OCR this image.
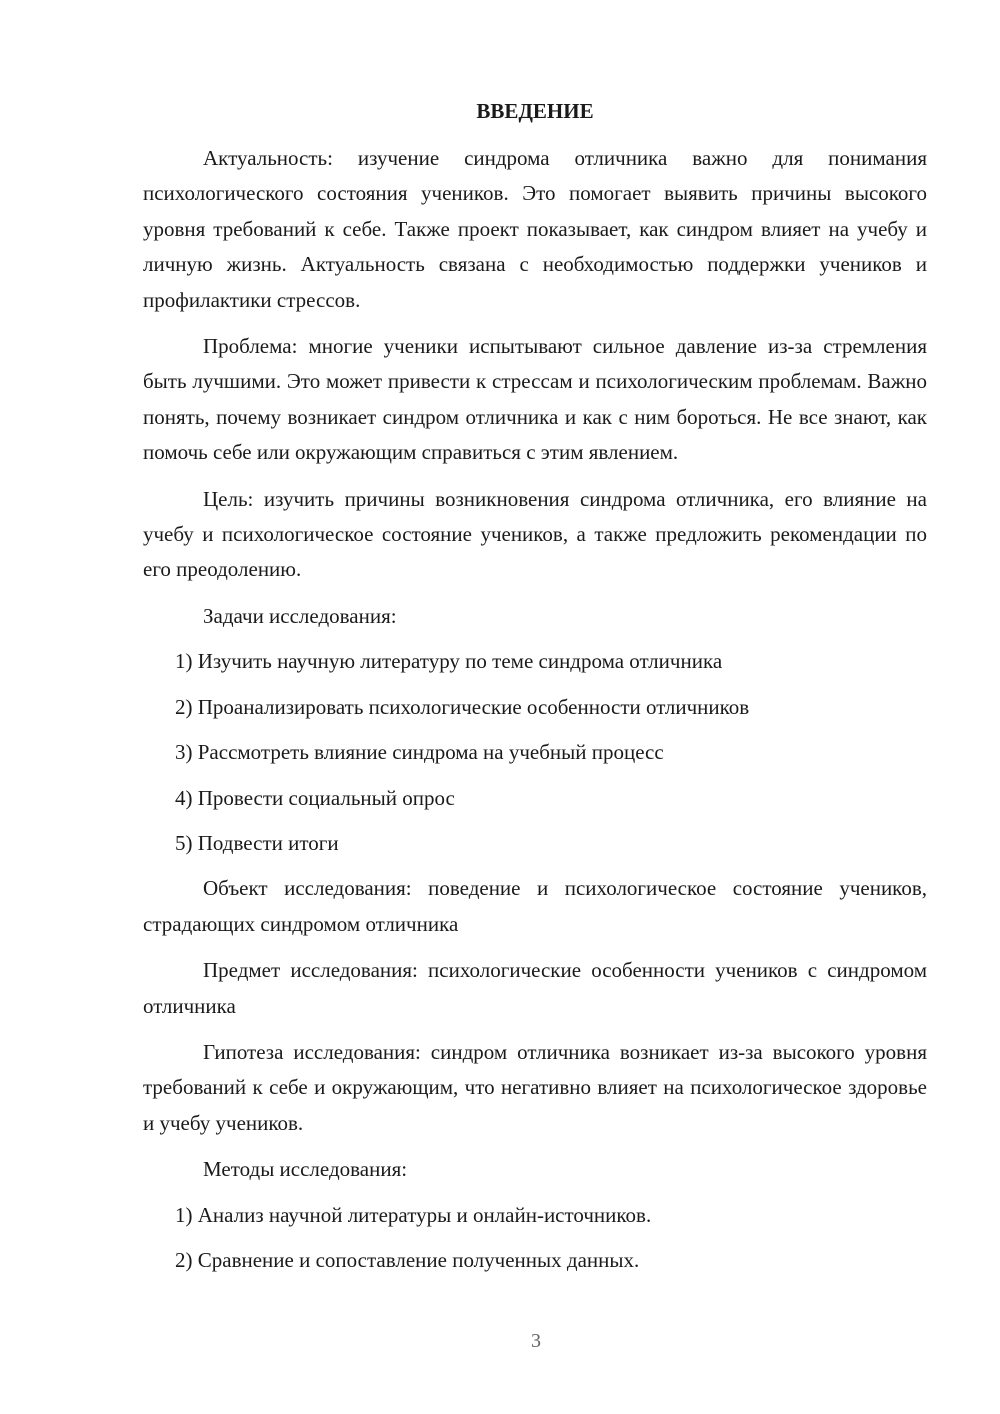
ВВЕДЕНИЕ

Актуальность: изучение синдрома отличника важно для понимания психологического состояния учеников. Это помогает выявить причины высокого уровня требований к себе. Также проект показывает, как синдром влияет на учебу и личную жизнь. Актуальность связана с необходимостью поддержки учеников и профилактики стрессов.

Проблема: многие ученики испытывают сильное давление из-за стремления быть лучшими. Это может привести к стрессам и психологическим проблемам. Важно понять, почему возникает синдром отличника и как с ним бороться. Не все знают, как помочь себе или окружающим справиться с этим явлением.

Цель: изучить причины возникновения синдрома отличника, его влияние на учебу и психологическое состояние учеников, а также предложить рекомендации по его преодолению.

Задачи исследования:

1) Изучить научную литературу по теме синдрома отличника

2) Проанализировать психологические особенности отличников

3) Рассмотреть влияние синдрома на учебный процесс

4) Провести социальный опрос

5) Подвести итоги

Объект исследования: поведение и психологическое состояние учеников, страдающих синдромом отличника

Предмет исследования: психологические особенности учеников с синдромом отличника

Гипотеза исследования: синдром отличника возникает из-за высокого уровня требований к себе и окружающим, что негативно влияет на психологическое здоровье и учебу учеников.

Методы исследования:

1) Анализ научной литературы и онлайн-источников.

2) Сравнение и сопоставление полученных данных.

3
